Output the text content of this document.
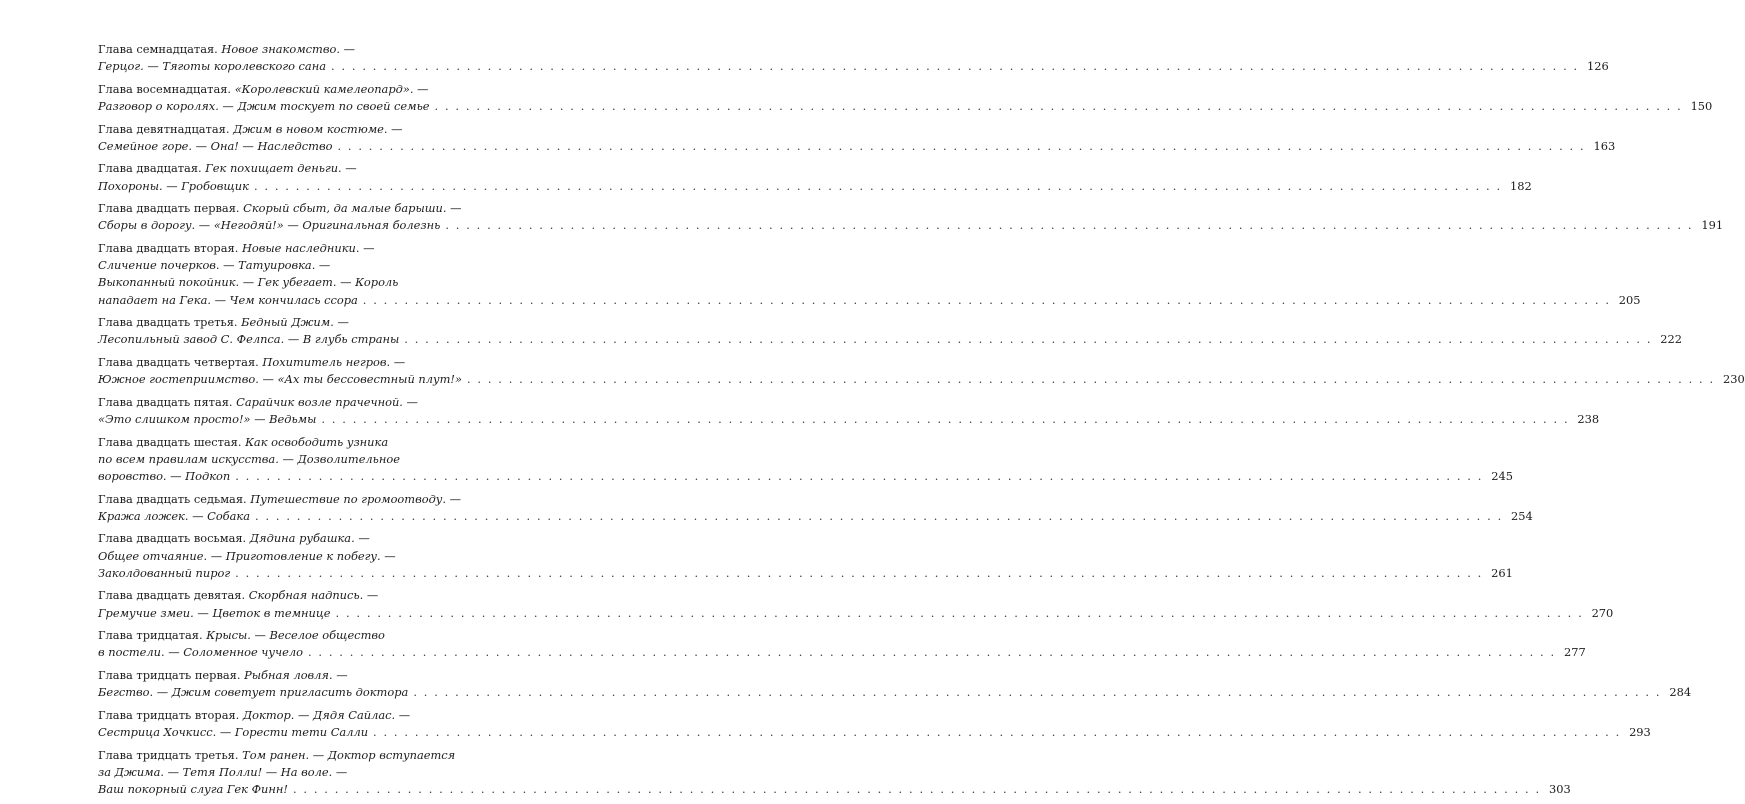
Глава семнадцатая. Новое знакомство. —
Герцог. — Тяготы королевского сана . . . . . . . . . . . . . . . . . . . . . . . . . . . . . . . . . . . . . . . . . . . . . . . . . . . . . . . . . . . . . . . . . . . . . . . . . . . . . . . . . . . . . . . . . . . . . . . . . . . . . . . . . . . . . . . . . . . . . . . . 126
Глава восемнадцатая. «Королевский камелеопард». —
Разговор о королях. — Джим тоскует по своей семье . . . . . . . . . . . . . . . . . . . . . . . . . . . . . . . . . . . . . . . . . . . . . . . . . . . . . . . . . . . . . . . . . . . . . . . . . . . . . . . . . . . . . . . . . . . . . . . . . . . . . . . . . . . . . . . . . . . . . . . . 150
Глава девятнадцатая. Джим в новом костюме. —
Семейное горе. — Она! — Наследство . . . . . . . . . . . . . . . . . . . . . . . . . . . . . . . . . . . . . . . . . . . . . . . . . . . . . . . . . . . . . . . . . . . . . . . . . . . . . . . . . . . . . . . . . . . . . . . . . . . . . . . . . . . . . . . . . . . . . . . . 163
Глава двадцатая. Гек похищает деньги. —
Похороны. — Гробовщик . . . . . . . . . . . . . . . . . . . . . . . . . . . . . . . . . . . . . . . . . . . . . . . . . . . . . . . . . . . . . . . . . . . . . . . . . . . . . . . . . . . . . . . . . . . . . . . . . . . . . . . . . . . . . . . . . . . . . . . . 182
Глава двадцать первая. Скорый сбыт, да малые барыши. —
Сборы в дорогу. — «Негодяй!» — Оригинальная болезнь . . . . . . . . . . . . . . . . . . . . . . . . . . . . . . . . . . . . . . . . . . . . . . . . . . . . . . . . . . . . . . . . . . . . . . . . . . . . . . . . . . . . . . . . . . . . . . . . . . . . . . . . . . . . . . . . . . . . . . . . 191
Глава двадцать вторая. Новые наследники. —
Сличение почерков. — Татуировка. —
Выкопанный покойник. — Гек убегает. — Король
нападает на Гека. — Чем кончилась ссора . . . . . . . . . . . . . . . . . . . . . . . . . . . . . . . . . . . . . . . . . . . . . . . . . . . . . . . . . . . . . . . . . . . . . . . . . . . . . . . . . . . . . . . . . . . . . . . . . . . . . . . . . . . . . . . . . . . . . . . . 205
Глава двадцать третья. Бедный Джим. —
Лесопильный завод С. Фелпса. — В глубь страны . . . . . . . . . . . . . . . . . . . . . . . . . . . . . . . . . . . . . . . . . . . . . . . . . . . . . . . . . . . . . . . . . . . . . . . . . . . . . . . . . . . . . . . . . . . . . . . . . . . . . . . . . . . . . . . . . . . . . . . . 222
Глава двадцать четвертая. Похититель негров. —
Южное гостеприимство. — «Ах ты бессовестный плут!» . . . . . . . . . . . . . . . . . . . . . . . . . . . . . . . . . . . . . . . . . . . . . . . . . . . . . . . . . . . . . . . . . . . . . . . . . . . . . . . . . . . . . . . . . . . . . . . . . . . . . . . . . . . . . . . . . . . . . . . . 230
Глава двадцать пятая. Сарайчик возле прачечной. —
«Это слишком просто!» — Ведьмы . . . . . . . . . . . . . . . . . . . . . . . . . . . . . . . . . . . . . . . . . . . . . . . . . . . . . . . . . . . . . . . . . . . . . . . . . . . . . . . . . . . . . . . . . . . . . . . . . . . . . . . . . . . . . . . . . . . . . . . . 238
Глава двадцать шестая. Как освободить узника
по всем правилам искусства. — Дозволительное
воровство. — Подкоп . . . . . . . . . . . . . . . . . . . . . . . . . . . . . . . . . . . . . . . . . . . . . . . . . . . . . . . . . . . . . . . . . . . . . . . . . . . . . . . . . . . . . . . . . . . . . . . . . . . . . . . . . . . . . . . . . . . . . . . . 245
Глава двадцать седьмая. Путешествие по громоотводу. —
Кража ложек. — Собака . . . . . . . . . . . . . . . . . . . . . . . . . . . . . . . . . . . . . . . . . . . . . . . . . . . . . . . . . . . . . . . . . . . . . . . . . . . . . . . . . . . . . . . . . . . . . . . . . . . . . . . . . . . . . . . . . . . . . . . . 254
Глава двадцать восьмая. Дядина рубашка. —
Общее отчаяние. — Приготовление к побегу. —
Заколдованный пирог . . . . . . . . . . . . . . . . . . . . . . . . . . . . . . . . . . . . . . . . . . . . . . . . . . . . . . . . . . . . . . . . . . . . . . . . . . . . . . . . . . . . . . . . . . . . . . . . . . . . . . . . . . . . . . . . . . . . . . . . 261
Глава двадцать девятая. Скорбная надпись. —
Гремучие змеи. — Цветок в темнице . . . . . . . . . . . . . . . . . . . . . . . . . . . . . . . . . . . . . . . . . . . . . . . . . . . . . . . . . . . . . . . . . . . . . . . . . . . . . . . . . . . . . . . . . . . . . . . . . . . . . . . . . . . . . . . . . . . . . . . . 270
Глава тридцатая. Крысы. — Веселое общество
в постели. — Соломенное чучело . . . . . . . . . . . . . . . . . . . . . . . . . . . . . . . . . . . . . . . . . . . . . . . . . . . . . . . . . . . . . . . . . . . . . . . . . . . . . . . . . . . . . . . . . . . . . . . . . . . . . . . . . . . . . . . . . . . . . . . . 277
Глава тридцать первая. Рыбная ловля. —
Бегство. — Джим советует пригласить доктора . . . . . . . . . . . . . . . . . . . . . . . . . . . . . . . . . . . . . . . . . . . . . . . . . . . . . . . . . . . . . . . . . . . . . . . . . . . . . . . . . . . . . . . . . . . . . . . . . . . . . . . . . . . . . . . . . . . . . . . . 284
Глава тридцать вторая. Доктор. — Дядя Сайлас. —
Сестрица Хочкисс. — Горести тети Салли . . . . . . . . . . . . . . . . . . . . . . . . . . . . . . . . . . . . . . . . . . . . . . . . . . . . . . . . . . . . . . . . . . . . . . . . . . . . . . . . . . . . . . . . . . . . . . . . . . . . . . . . . . . . . . . . . . . . . . . . 293
Глава тридцать третья. Том ранен. — Доктор вступается
за Джима. — Тетя Полли! — На воле. —
Ваш покорный слуга Гек Финн! . . . . . . . . . . . . . . . . . . . . . . . . . . . . . . . . . . . . . . . . . . . . . . . . . . . . . . . . . . . . . . . . . . . . . . . . . . . . . . . . . . . . . . . . . . . . . . . . . . . . . . . . . . . . . . . . . . . . . . . . 303
